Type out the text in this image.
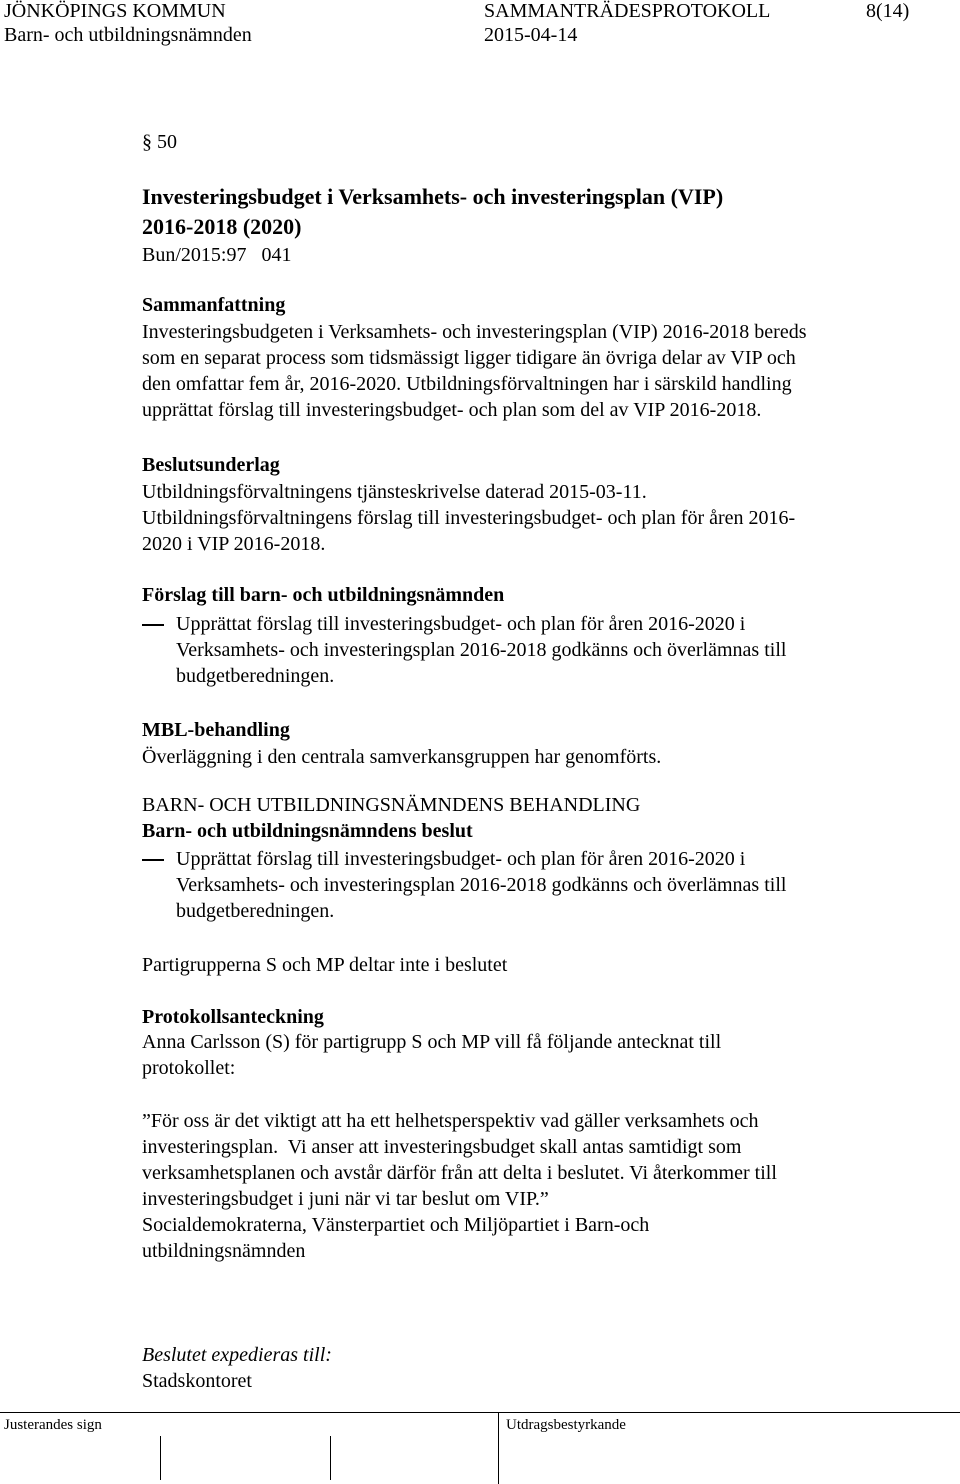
JÖNKÖPINGS KOMMUN	SAMMANTRÄDESPROTOKOLL	8(14)
Barn- och utbildningsnämnden	2015-04-14
§ 50
Investeringsbudget i Verksamhets- och investeringsplan (VIP)
2016-2018 (2020)
Bun/2015:97   041
Sammanfattning
Investeringsbudgeten i Verksamhets- och investeringsplan (VIP) 2016-2018 bereds
som en separat process som tidsmässigt ligger tidigare än övriga delar av VIP och
den omfattar fem år, 2016-2020. Utbildningsförvaltningen har i särskild handling
upprättat förslag till investeringsbudget- och plan som del av VIP 2016-2018.
Beslutsunderlag
Utbildningsförvaltningens tjänsteskrivelse daterad 2015-03-11.
Utbildningsförvaltningens förslag till investeringsbudget- och plan för åren 2016-
2020 i VIP 2016-2018.
Förslag till barn- och utbildningsnämnden
Upprättat förslag till investeringsbudget- och plan för åren 2016-2020 i
Verksamhets- och investeringsplan 2016-2018 godkänns och överlämnas till
budgetberedningen.
MBL-behandling
Överläggning i den centrala samverkansgruppen har genomförts.
BARN- OCH UTBILDNINGSNÄMNDENS BEHANDLING
Barn- och utbildningsnämndens beslut
Upprättat förslag till investeringsbudget- och plan för åren 2016-2020 i
Verksamhets- och investeringsplan 2016-2018 godkänns och överlämnas till
budgetberedningen.
Partigrupperna S och MP deltar inte i beslutet
Protokollsanteckning
Anna Carlsson (S) för partigrupp S och MP vill få följande antecknat till
protokollet:
”För oss är det viktigt att ha ett helhetsperspektiv vad gäller verksamhets och
investeringsplan.  Vi anser att investeringsbudget skall antas samtidigt som
verksamhetsplanen och avstår därför från att delta i beslutet. Vi återkommer till
investeringsbudget i juni när vi tar beslut om VIP.”
Socialdemokraterna, Vänsterpartiet och Miljöpartiet i Barn-och
utbildningsnämnden
Beslutet expedieras till:
Stadskontoret
Justerandes sign	Utdragsbestyrkande
